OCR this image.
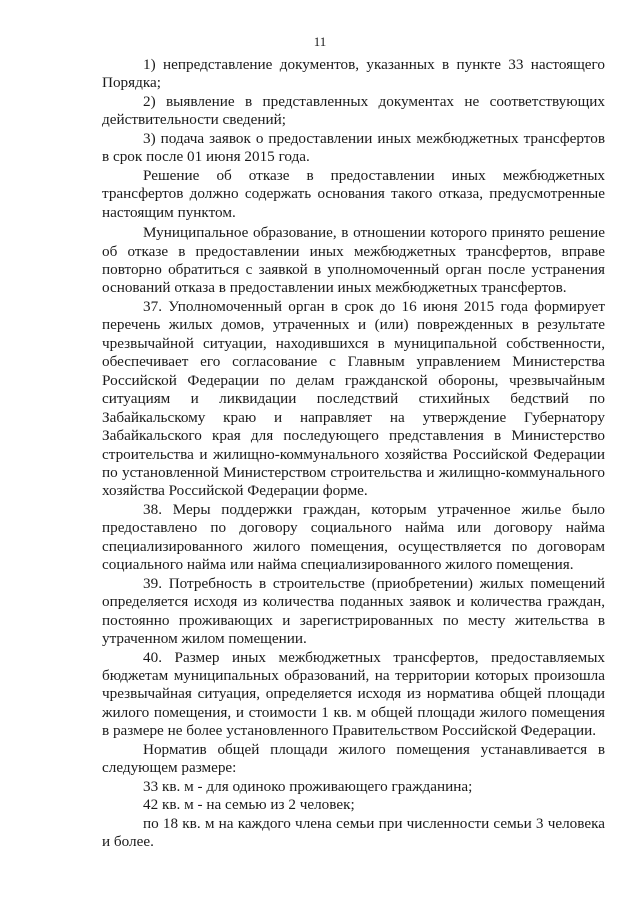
11

1) непредставление документов, указанных в пункте 33 настоящего Порядка;

2) выявление в представленных документах не соответствующих действительности сведений;

3) подача заявок о предоставлении иных межбюджетных трансфертов в срок после 01 июня 2015 года.

Решение об отказе в предоставлении иных межбюджетных трансфертов должно содержать основания такого отказа, предусмотренные настоящим пунктом.

Муниципальное образование, в отношении которого принято решение об отказе в предоставлении иных межбюджетных трансфертов, вправе повторно обратиться с заявкой в уполномоченный орган после устранения оснований отказа в предоставлении иных межбюджетных трансфертов.

37. Уполномоченный орган в срок до 16 июня 2015 года формирует перечень жилых домов, утраченных и (или) поврежденных в результате чрезвычайной ситуации, находившихся в муниципальной собственности, обеспечивает его согласование с Главным управлением Министерства Российской Федерации по делам гражданской обороны, чрезвычайным ситуациям и ликвидации последствий стихийных бедствий по Забайкальскому краю и направляет на утверждение Губернатору Забайкальского края для последующего представления в Министерство строительства и жилищно-коммунального хозяйства Российской Федерации по установленной Министерством строительства и жилищно-коммунального хозяйства Российской Федерации форме.

38. Меры поддержки граждан, которым утраченное жилье было предоставлено по договору социального найма или договору найма специализированного жилого помещения, осуществляется по договорам социального найма или найма специализированного жилого помещения.

39. Потребность в строительстве (приобретении) жилых помещений определяется исходя из количества поданных заявок и количества граждан, постоянно проживающих и зарегистрированных по месту жительства в утраченном жилом помещении.

40. Размер иных межбюджетных трансфертов, предоставляемых бюджетам муниципальных образований, на территории которых произошла чрезвычайная ситуация, определяется исходя из норматива общей площади жилого помещения, и стоимости 1 кв. м общей площади жилого помещения в размере не более установленного Правительством Российской Федерации.

Норматив общей площади жилого помещения устанавливается в следующем размере:

33 кв. м - для одиноко проживающего гражданина;

42 кв. м - на семью из 2 человек;

по 18 кв. м на каждого члена семьи при численности семьи 3 человека и более.
